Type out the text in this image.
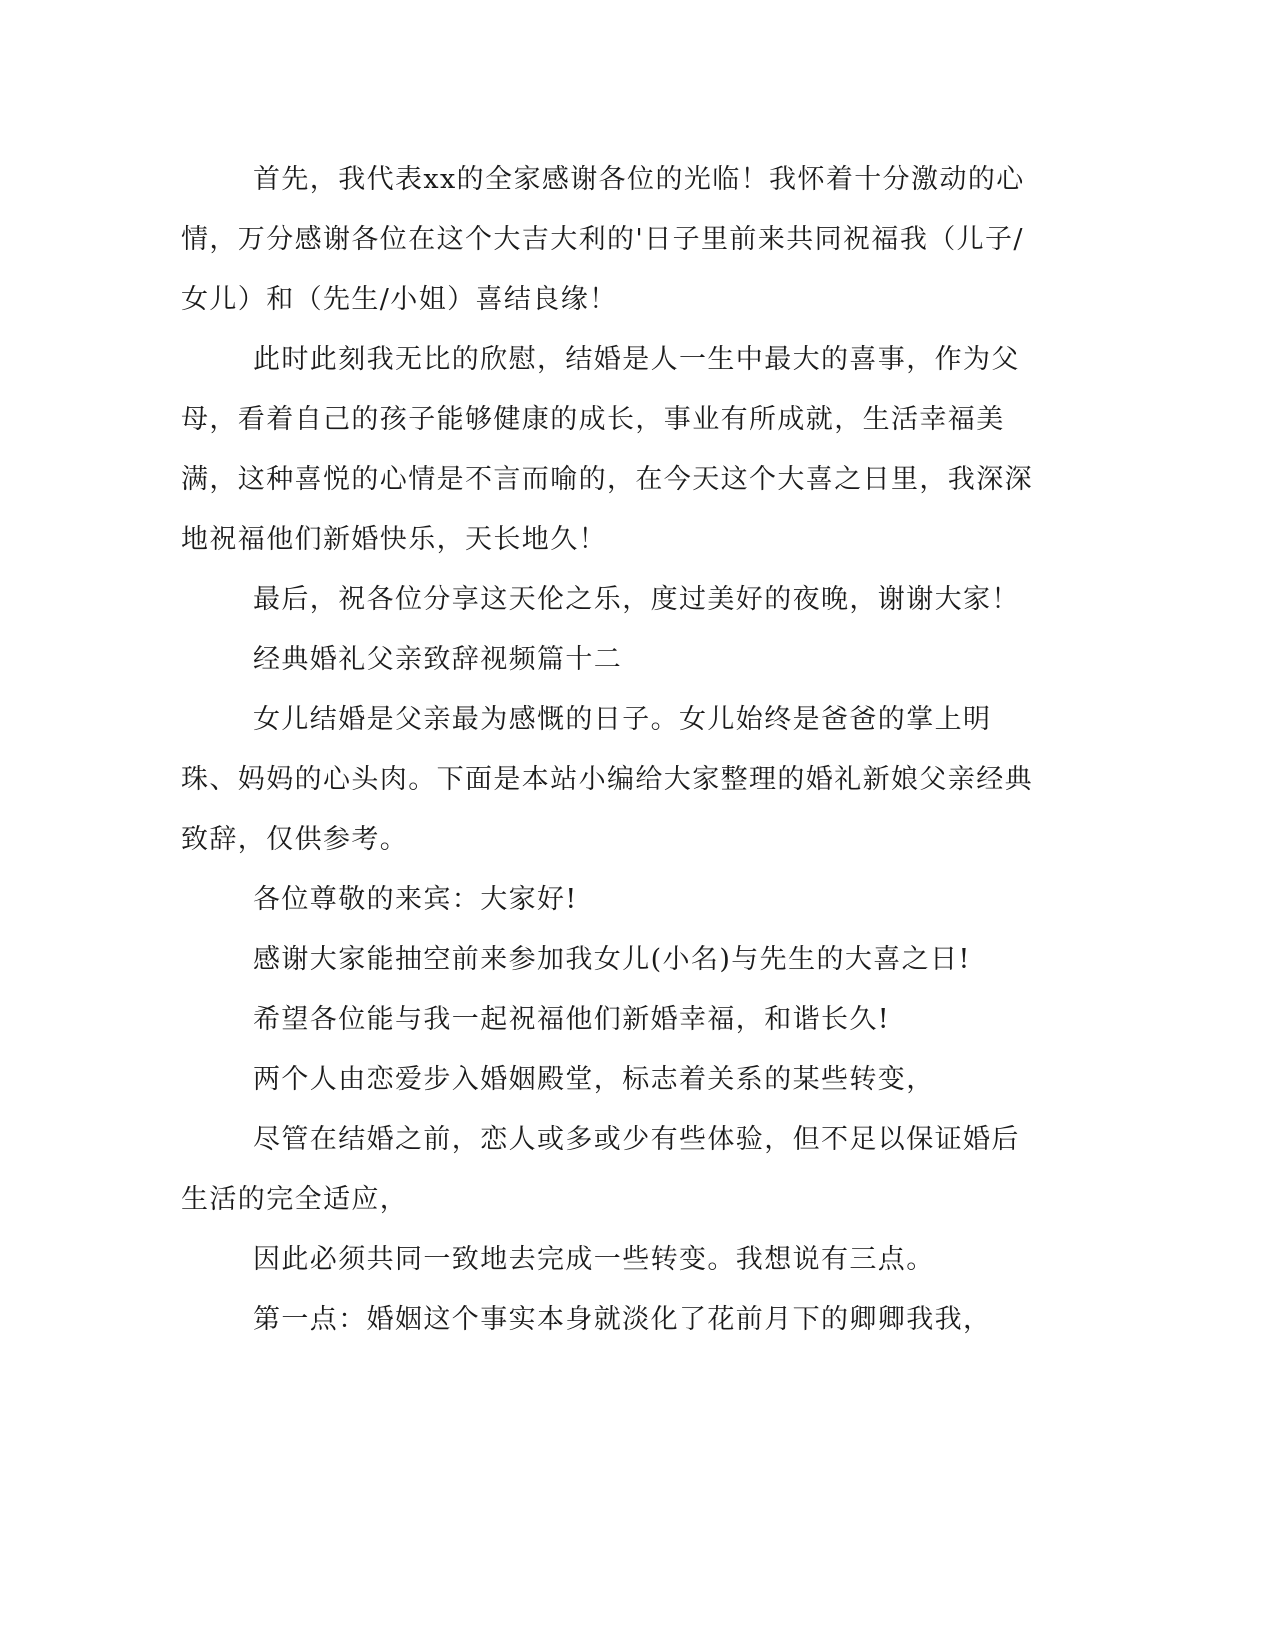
首先，我代表xx的全家感谢各位的光临！我怀着十分激动的心情，万分感谢各位在这个大吉大利的'日子里前来共同祝福我（儿子/女儿）和（先生/小姐）喜结良缘！

此时此刻我无比的欣慰，结婚是人一生中最大的喜事，作为父母，看着自己的孩子能够健康的成长，事业有所成就，生活幸福美满，这种喜悦的心情是不言而喻的，在今天这个大喜之日里，我深深地祝福他们新婚快乐，天长地久！

最后，祝各位分享这天伦之乐，度过美好的夜晚，谢谢大家！

经典婚礼父亲致辞视频篇十二

女儿结婚是父亲最为感慨的日子。女儿始终是爸爸的掌上明珠、妈妈的心头肉。下面是本站小编给大家整理的婚礼新娘父亲经典致辞，仅供参考。

各位尊敬的来宾：大家好!

感谢大家能抽空前来参加我女儿(小名)与先生的大喜之日!

希望各位能与我一起祝福他们新婚幸福，和谐长久!

两个人由恋爱步入婚姻殿堂，标志着关系的某些转变，

尽管在结婚之前，恋人或多或少有些体验，但不足以保证婚后生活的完全适应，

因此必须共同一致地去完成一些转变。我想说有三点。

第一点：婚姻这个事实本身就淡化了花前月下的卿卿我我，
